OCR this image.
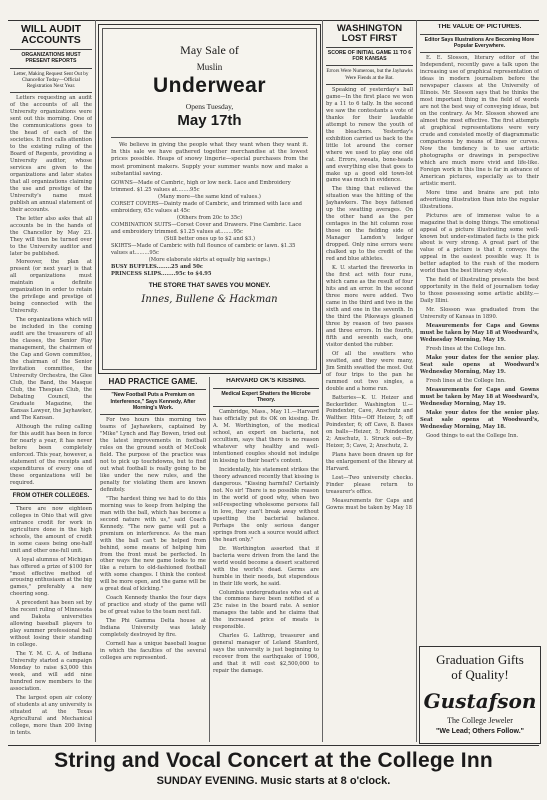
WILL AUDIT ACCOUNTS
ORGANIZATIONS MUST PRESENT REPORTS
Letter, Making Request Sent Out by Chancellor Today—Official Registration Next Year.

Letters requesting an audit of the accounts of all the University organizations were sent out this morning. One of the communications goes to the head of each of the societies. It first calls attention to the existing ruling of the Board of Regents, providing a University auditor, whose services are given to the organizations and later states that all organizations claiming the use and prestige of the University's name must publish an annual statement of their accounts.

The letter also asks that all accounts be in the hands of the Chancellor by May 23. They will then be turned over to the University auditor and later be published.

Moreover, the plan at present (or next year) is that all organizations must maintain a definite organization in order to retain the privilege and prestige of being connected with the University.

The organizations which will be included in the coming audit are the treasurers of all the classes, the Senior Play management, the chairmen of the Cap and Gown committee, the chairman of the Senior Invitation committee, the University Orchestra, the Glee Club, the Band, the Masque Club, the Thespian Club, the Debating Council, the Graduate Magazine, the Kansas Lawyer, the Jayhawker, and The Kansan.

Although the ruling calling for this audit has been in force for nearly a year, it has never before been completely enforced. This year, however, a statement of the receipts and expenditures of every one of these organizations will be required.

FROM OTHER COLLEGES.

There are now eighteen colleges in Ohio that will give entrance credit for work in agriculture done in the high schools, the amount of credit in some cases being one-half unit and other one-full unit.

A loyal alumnus of Michigan has offered a prize of $100 for "most effective method of arousing enthusiasm at the big games," preferably a new cheering song.

A precedent has been set by the recent ruling of Minnesota and Dakota universities allowing baseball players to play summer professional ball without losing their standing in college.

The Y. M. C. A. of Indiana University started a campaign Monday to raise $3,000 this week, and will add nine hundred new members to the association.

The largest open air colony of students at any university is situated at the Texas Agricultural and Mechanical college, more than 200 living in tents.

May Sale of
Muslin
Underwear
Opens Tuesday,
May 17th

We believe in giving the people what they want when they want it. In this sale we have gathered together merchandise at the lowest prices possible. Heaps of snowy lingerie—special purchases from the most prominent makers. Supply your summer wants now and make a substantial saving.

GOWNS—Made of Cambric, high or low neck. Lace and Embroidery trimmed. $1.25 values at........95c
(Many more—the same kind of values.)
CORSET COVERS—Dainty made of Cambric, and trimmed with lace and embroidery, 65c values at 45c
(Others from 20c to 35c)
COMBINATION SUITS—Corset Cover and Drawers. Fine Cambric. Lace and embroidery trimmed. $1.25 values at........95c
(Still better ones up to $2 and $3.)
SKIRTS—Made of Cambric with full flounce of cambric or lawn. $1.35 values at.........95c
(More elaborate skirts at equally big savings.)
BUSY BUFFLES........25 and 50c
PRINCESS SLIPS........95c to $4.95
THE STORE THAT SAVES YOU MONEY.
Innes, Bullene & Hackman
HAD PRACTICE GAME.
"New Football Puts a Premium on Interference," Says Kennedy, After Morning's Work.

For two hours this morning two teams of Jayhawkers, captained by "Mike" Lynch and Ray Bowen, tried out the latest improvements in football rules on the ground south of McCook field. The purpose of the practice was not to pick up touchdowns, but to find out what football is really going to be like under the new rules, and the penalty for violating them are known definitely.

"The hardest thing we had to do this morning was to keep from helping the man with the ball, which has become a second nature with us," said Coach Kennedy. "The new game will put a premium on interference. As the man with the ball can't be helped from behind, some means of helping him from the front must be perfected. In other ways the new game looks to me like a return to old-fashioned football with some changes. I think the contest will be more open, and the game will be a great deal of kicking."

Coach Kennedy thanks the four days of practice and study of the game will be of great value to the team next fall.

The Phi Gamma Delta house at Indiana University was lately completely destroyed by fire.

Cornell has a unique baseball league in which the faculties of the several colleges are represented.

HARVARD OK'S KISSING.
Medical Expert Shatters the Microbe Theory.

Cambridge, Mass., May 11.—Harvard has officially put its OK on kissing. Dr. A. M. Worthington, of the medical school, an expert on bacteria, not occultism, says that there is no reason whatever why healthy and well-intentioned couples should not indulge in kissing to their heart's content.

Incidentally, his statement strikes the theory advanced recently that kissing is dangerous. "Kissing harmful? Certainly not. No sir! There is no possible reason in the world of good why, when two self-respecting wholesome persons fall in love, they can't break away without upsetting the bacterial balance. Perhaps the only serious danger springs from such a source would affect the heart only."

Dr. Worthington asserted that if bacteria were driven from the land the world would become a desert scattered with the world's dead. Germs are humble in their needs, but stupendous in their life work, he said.

Columbia undergraduates who eat at the commons have been notified of a 25c raise in the board rate. A senior manages the table and he claims that the increased price of meats is responsible.

Charles G. Lathrop, treasurer and general manager of Leland Stanford, says the university is just beginning to recover from the earthquake of 1906, and that it will cost $2,500,000 to repair the damage.

WASHINGTON LOST FIRST
SCORE OF INITIAL GAME 11 TO 6 FOR KANSAS
Errors Were Numerous, but the Jayhawks Were Fiends at the Bat.

Speaking of yesterday's ball game—In the first place we won by a 11 to 6 tally. In the second we saw the contestants a vote of thanks for their laudable attempt to renew the youth of the bleachers. Yesterday's exhibition carried us back to the little lot around the corner where we used to play one old cat. Errors, sweats, bone-heads and everything else that goes to make up a good old town-lot game was much in evidence.

The thing that relieved the situation was the hitting of the Jayhawkers. The boys fattened up the swatting averages. On the other hand as the per centages in the hit column rose those on the fielding side of Manager Lamdon's ledger dropped. Only nine errors were chalked up to the credit of the red and blue athletes.

K. U. started the fireworks in the first act with four runs, which came as the result of four hits and an error. In the second three more were added. Two came in the third and two in the sixth and one in the seventh. In the third the Pikeways gleaned three by reason of two passes and three errors. In the fourth, fifth and seventh each, one visitor dented the rubber.

Of all the swatters who swatted, and they were many, Jim Smith swatted the most. Out of four trips to the pan he rammed out two singles, a double and a home run.

Batteries—K. U. Heizer and Beckerlider. Washington U.—Poindexter, Cave, Anschutz and Walther. Hits—Off Heizer, 5; off Poindexter, 6; off Cave, 8. Bases on balls—Heizer, 5; Poindexter, 2; Anschutz, 1. Struck out—By Heizer, 5; Cave, 2; Anschutz, 2.

Plans have been drawn up for the enlargement of the library at Harvard.

Lost—Two university checks. Finder please return to treasurer's office.

Measurements for Caps and Gowns must be taken by May 18

THE VALUE OF PICTURES.
Editor Says Illustrations Are Becoming More Popular Everywhere.

E. E. Slosson, literary editor of the Independent, recently gave a talk upon the increasing use of graphical representation of ideas in modern journalism before the newspaper classes at the University of Illinois. Mr. Slosson says that he thinks the most important thing in the field of words are not the best way of conveying ideas, but on the contrary. As Mr. Slosson showed are almost the most effective. The first attempts at graphical representations were very crude and consisted mostly of diagrammatic comparisons by means of lines or curves. Now the tendency is to use artistic photographs or drawings in perspective which are much more vivid and life-like. Foreign work in this line is far in advance of American pictures, especially as to their artistic merit.

More time and brains are put into advertising illustration than into the regular illustrations.

Pictures are of immense value to a magazine that is doing things. The emotional appeal of a picture illustrating some well-known but under-estimated facts is the pick about is very strong. A great part of the value of a picture is that it conveys the appeal in the easiest possible way. It is better adapted to the rush of the modern world than the best literary style.

The field of illustrating presents the best opportunity in the field of journalism today to those possessing some artistic ability.—Daily Illini.

Mr. Slosson was graduated from the University of Kansas in 1890.

Measurements for Caps and Gowns must be taken by May 18 at Woodward's, Wednesday Morning, May 19.

Fresh lines at the College Inn.

Make your dates for the senior play. Seat sale opens at Woodward's Wednesday Morning, May 19.

Fresh lines at the College Inn.

Measurements for Caps and Gowns must be taken by May 18 at Woodward's, Wednesday Morning, May 19.

Make your dates for the senior play. Seat sale opens at Woodward's, Wednesday Morning, May 18.

Good things to eat the College Inn.

Graduation Gifts
of Quality!
Gustafson
The College Jeweler
"We Lead; Others Follow."
String and Vocal Concert at the College Inn
SUNDAY EVENING. Music starts at 8 o'clock.
